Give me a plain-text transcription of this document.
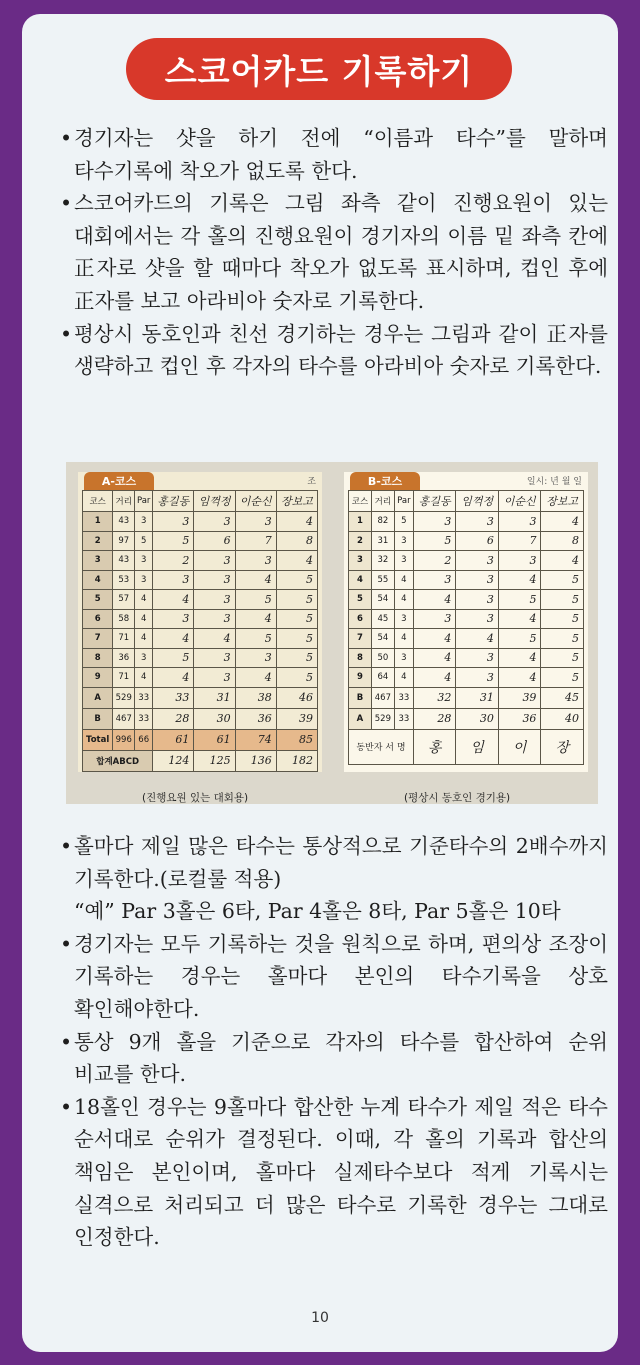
스코어카드 기록하기
• 경기자는 샷을 하기 전에 “이름과 타수”를 말하며 타수기록에 착오가 없도록 한다.
• 스코어카드의 기록은 그림 좌측 같이 진행요원이 있는 대회에서는 각 홀의 진행요원이 경기자의 이름 밑 좌측 칸에 正자로 샷을 할 때마다 착오가 없도록 표시하며, 컵인 후에 正자를 보고 아라비아 숫자로 기록한다.
• 평상시 동호인과 친선 경기하는 경우는 그림과 같이 正자를 생략하고 컵인 후 각자의 타수를 아라비아 숫자로 기록한다.
A-코스	조
코스	거리	Par	홍길동	임꺽정	이순신	장보고
1	43	3	3	3	3	4
2	97	5	5	6	7	8
3	43	3	2	3	3	4
4	53	3	3	3	4	5
5	57	4	4	3	5	5
6	58	4	3	3	4	5
7	71	4	4	4	5	5
8	36	3	5	3	3	5
9	71	4	4	3	4	5
A	529	33	33	31	38	46
B	467	33	28	30	36	39
Total	996	66	61	61	74	85
합계ABCD			124	125	136	182
(진행요원 있는 대회용)
B-코스	일시: 년 월 일
코스	거리	Par	홍길동	임꺽정	이순신	장보고
1	82	5	3	3	3	4
2	31	3	5	6	7	8
3	32	3	2	3	3	4
4	55	4	3	3	4	5
5	54	4	4	3	5	5
6	45	3	3	3	4	5
7	54	4	4	4	5	5
8	50	3	4	3	4	5
9	64	4	4	3	4	5
B	467	33	32	31	39	45
A	529	33	28	30	36	40
동반자 서 명			홍	임	이	장
(평상시 동호인 경기용)
• 홀마다 제일 많은 타수는 통상적으로 기준타수의 2배수까지 기록한다.(로컬룰 적용)
“예” Par 3홀은 6타, Par 4홀은 8타, Par 5홀은 10타
• 경기자는 모두 기록하는 것을 원칙으로 하며, 편의상 조장이 기록하는 경우는 홀마다 본인의 타수기록을 상호 확인해야한다.
• 통상 9개 홀을 기준으로 각자의 타수를 합산하여 순위 비교를 한다.
• 18홀인 경우는 9홀마다 합산한 누계 타수가 제일 적은 타수 순서대로 순위가 결정된다. 이때, 각 홀의 기록과 합산의 책임은 본인이며, 홀마다 실제타수보다 적게 기록시는 실격으로 처리되고 더 많은 타수로 기록한 경우는 그대로 인정한다.
10
